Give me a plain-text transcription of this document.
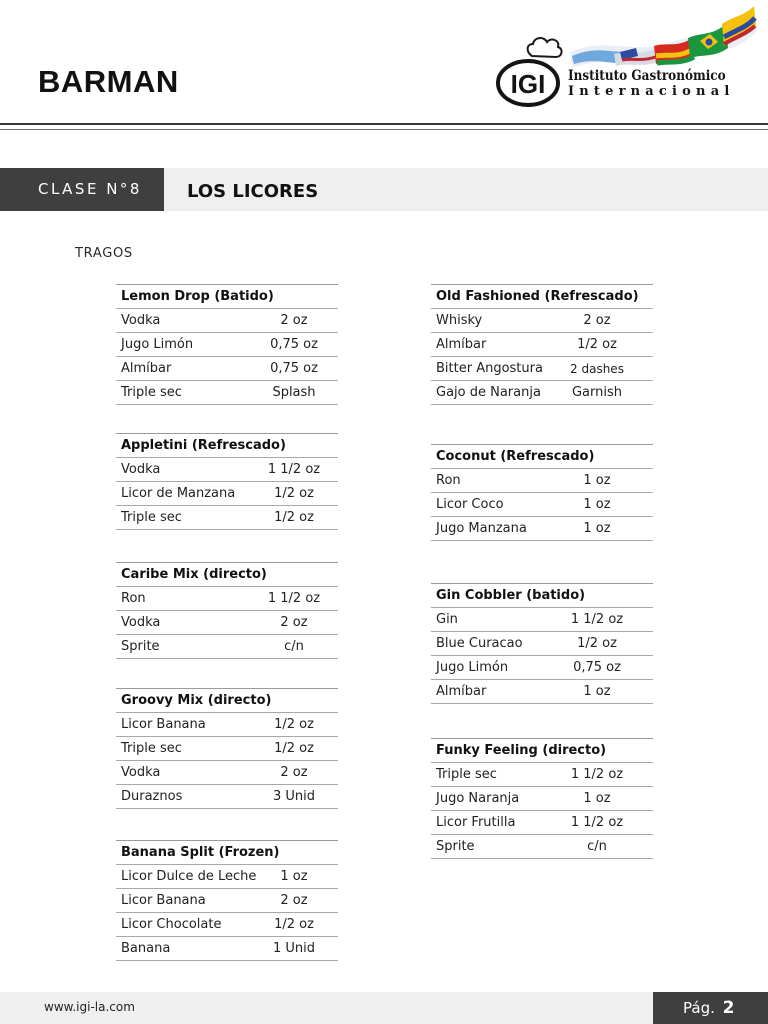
BARMAN	IGI Instituto Gastronómico
Internacional
CLASE N°8	LOS LICORES
TRAGOS
Lemon Drop (Batido)
Vodka	2 oz
Jugo Limón	0,75 oz
Almíbar	0,75 oz
Triple sec	Splash
Appletini (Refrescado)
Vodka	1 1/2 oz
Licor de Manzana	1/2 oz
Triple sec	1/2 oz
Caribe Mix (directo)
Ron	1 1/2 oz
Vodka	2 oz
Sprite	c/n
Groovy Mix (directo)
Licor Banana	1/2 oz
Triple sec	1/2 oz
Vodka	2 oz
Duraznos	3 Unid
Banana Split (Frozen)
Licor Dulce de Leche	1 oz
Licor Banana	2 oz
Licor Chocolate	1/2 oz
Banana	1 Unid
Old Fashioned (Refrescado)
Whisky	2 oz
Almíbar	1/2 oz
Bitter Angostura	2 dashes
Gajo de Naranja	Garnish
Coconut (Refrescado)
Ron	1 oz
Licor Coco	1 oz
Jugo Manzana	1 oz
Gin Cobbler (batido)
Gin	1 1/2 oz
Blue Curacao	1/2 oz
Jugo Limón	0,75 oz
Almíbar	1 oz
Funky Feeling (directo)
Triple sec	1 1/2 oz
Jugo Naranja	1 oz
Licor Frutilla	1 1/2 oz
Sprite	c/n
www.igi-la.com	Pág. 2
